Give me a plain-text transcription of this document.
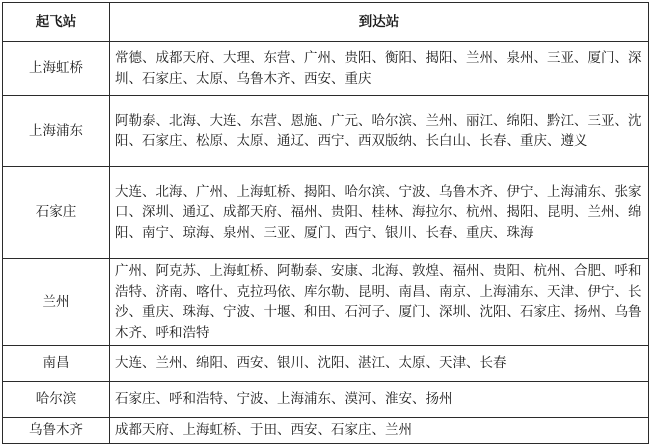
起飞站	到达站
上海虹桥	常德、成都天府、大理、东营、广州、贵阳、衡阳、揭阳、兰州、泉州、三亚、厦门、深圳、石家庄、太原、乌鲁木齐、西安、重庆
上海浦东	阿勒泰、北海、大连、东营、恩施、广元、哈尔滨、兰州、丽江、绵阳、黔江、三亚、沈阳、石家庄、松原、太原、通辽、西宁、西双版纳、长白山、长春、重庆、遵义
石家庄	大连、北海、广州、上海虹桥、揭阳、哈尔滨、宁波、乌鲁木齐、伊宁、上海浦东、张家口、深圳、通辽、成都天府、福州、贵阳、桂林、海拉尔、杭州、揭阳、昆明、兰州、绵阳、南宁、琼海、泉州、三亚、厦门、西宁、银川、长春、重庆、珠海
兰州	广州、阿克苏、上海虹桥、阿勒泰、安康、北海、敦煌、福州、贵阳、杭州、合肥、呼和浩特、济南、喀什、克拉玛依、库尔勒、昆明、南昌、南京、上海浦东、天津、伊宁、长沙、重庆、珠海、宁波、十堰、和田、石河子、厦门、深圳、沈阳、石家庄、扬州、乌鲁木齐、呼和浩特
南昌	大连、兰州、绵阳、西安、银川、沈阳、湛江、太原、天津、长春
哈尔滨	石家庄、呼和浩特、宁波、上海浦东、漠河、淮安、扬州
乌鲁木齐	成都天府、上海虹桥、于田、西安、石家庄、兰州
